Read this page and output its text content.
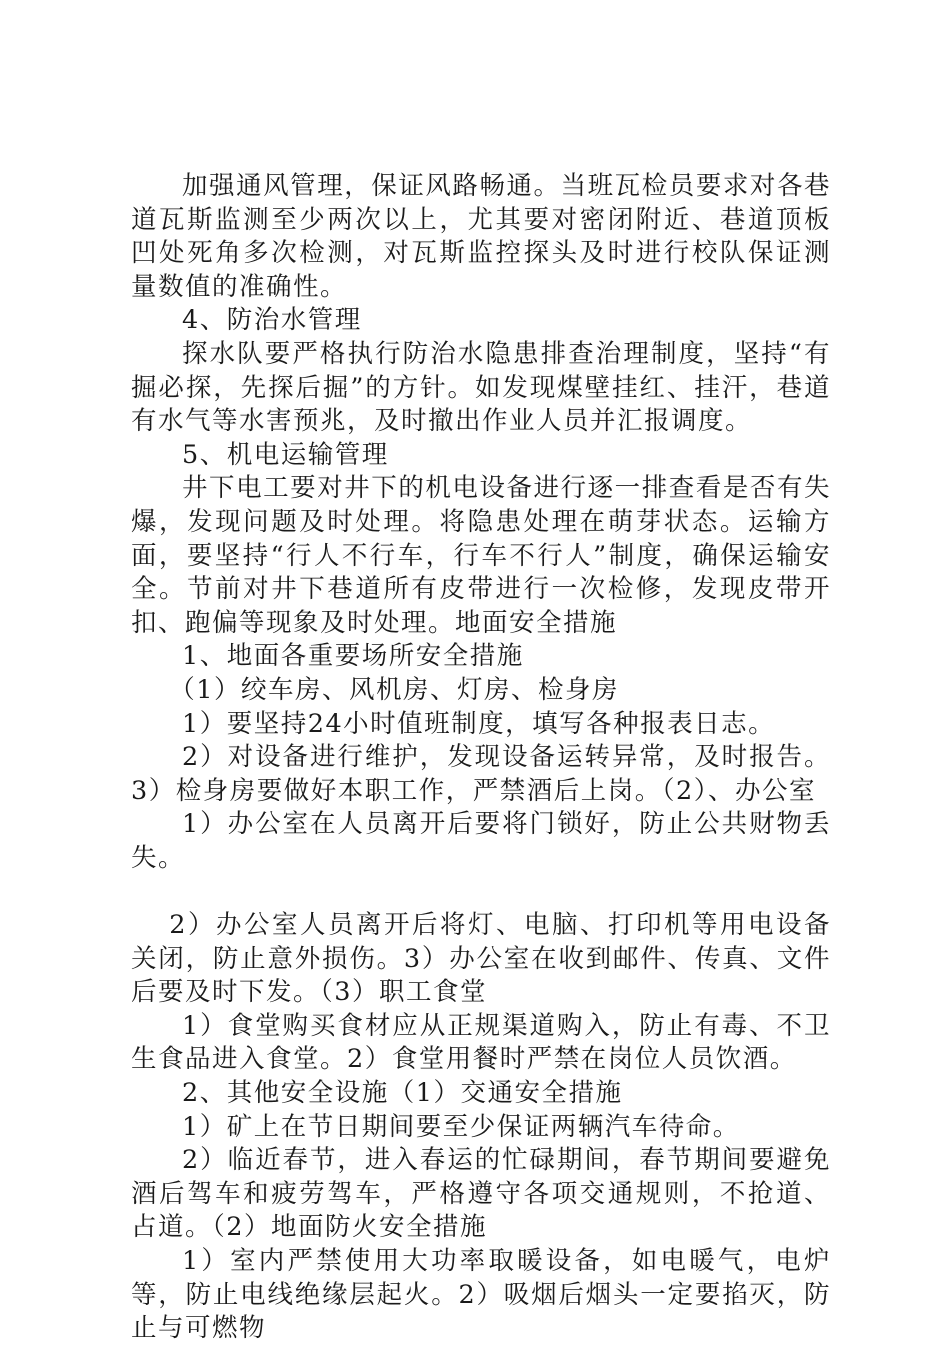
加强通风管理，保证风路畅通。当班瓦检员要求对各巷道瓦斯监测至少两次以上，尤其要对密闭附近、巷道顶板凹处死角多次检测，对瓦斯监控探头及时进行校队保证测量数值的准确性。

4、防治水管理

探水队要严格执行防治水隐患排查治理制度，坚持“有掘必探，先探后掘”的方针。如发现煤壁挂红、挂汗，巷道有水气等水害预兆，及时撤出作业人员并汇报调度。

5、机电运输管理

井下电工要对井下的机电设备进行逐一排查看是否有失爆，发现问题及时处理。将隐患处理在萌芽状态。运输方面，要坚持“行人不行车，行车不行人”制度，确保运输安全。节前对井下巷道所有皮带进行一次检修，发现皮带开扣、跑偏等现象及时处理。地面安全措施

1、地面各重要场所安全措施

（1）绞车房、风机房、灯房、检身房

1）要坚持24小时值班制度，填写各种报表日志。

2）对设备进行维护，发现设备运转异常，及时报告。3）检身房要做好本职工作，严禁酒后上岗。（2）、办公室

1）办公室在人员离开后要将门锁好，防止公共财物丢失。

2）办公室人员离开后将灯、电脑、打印机等用电设备关闭，防止意外损伤。3）办公室在收到邮件、传真、文件后要及时下发。（3）职工食堂

1）食堂购买食材应从正规渠道购入，防止有毒、不卫生食品进入食堂。2）食堂用餐时严禁在岗位人员饮酒。

2、其他安全设施（1）交通安全措施

1）矿上在节日期间要至少保证两辆汽车待命。

2）临近春节，进入春运的忙碌期间，春节期间要避免酒后驾车和疲劳驾车，严格遵守各项交通规则，不抢道、占道。（2）地面防火安全措施

1）室内严禁使用大功率取暖设备，如电暖气，电炉等，防止电线绝缘层起火。2）吸烟后烟头一定要掐灭，防止与可燃物
